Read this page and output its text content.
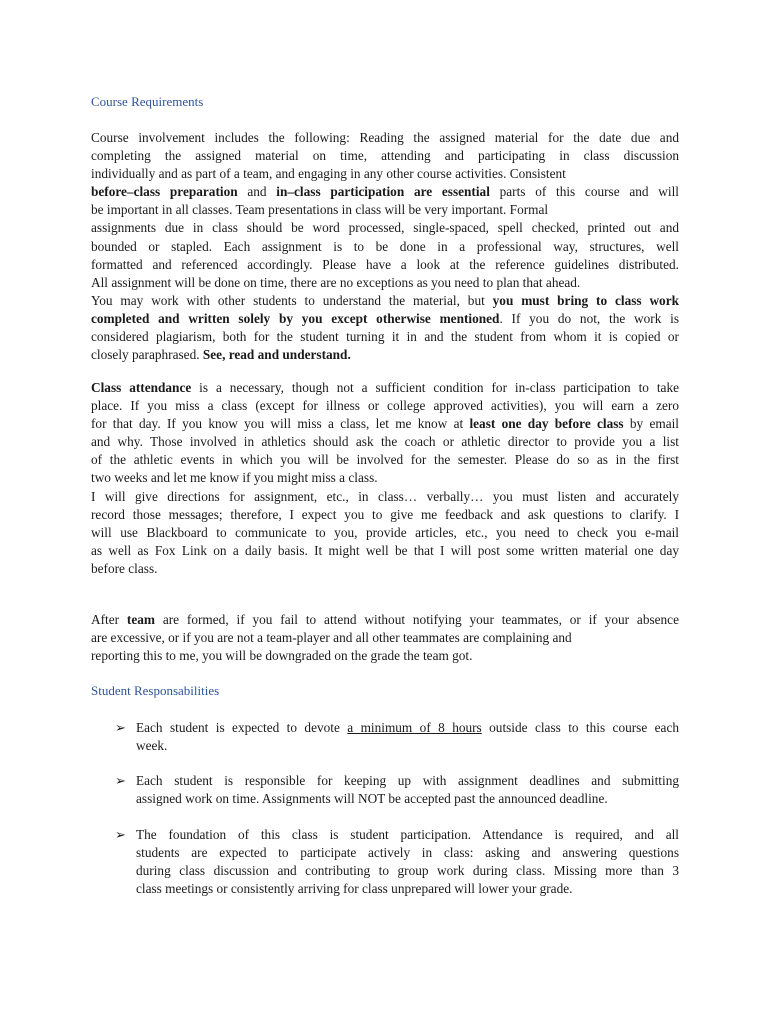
Course Requirements
Course involvement includes the following: Reading the assigned material for the date due and
completing the assigned material on time, attending and participating in class discussion
individually and as part of a team, and engaging in any other course activities. Consistent
before–class preparation and in–class participation are essential parts of this course and will
be important in all classes. Team presentations in class will be very important. Formal
assignments due in class should be word processed, single-spaced, spell checked, printed out and
bounded or stapled. Each assignment is to be done in a professional way, structures, well
formatted and referenced accordingly. Please have a look at the reference guidelines distributed.
All assignment will be done on time, there are no exceptions as you need to plan that ahead.
You may work with other students to understand the material, but you must bring to class work
completed and written solely by you except otherwise mentioned. If you do not, the work is
considered plagiarism, both for the student turning it in and the student from whom it is copied or
closely paraphrased. See, read and understand.
Class attendance is a necessary, though not a sufficient condition for in-class participation to take
place. If you miss a class (except for illness or college approved activities), you will earn a zero
for that day. If you know you will miss a class, let me know at least one day before class by email
and why. Those involved in athletics should ask the coach or athletic director to provide you a list
of the athletic events in which you will be involved for the semester. Please do so as in the first
two weeks and let me know if you might miss a class.
I will give directions for assignment, etc., in class… verbally… you must listen and accurately
record those messages; therefore, I expect you to give me feedback and ask questions to clarify. I
will use Blackboard to communicate to you, provide articles, etc., you need to check you e-mail
as well as Fox Link on a daily basis. It might well be that I will post some written material one day
before class.
After team are formed, if you fail to attend without notifying your teammates, or if your absence
are excessive, or if you are not a team-player and all other teammates are complaining and
reporting this to me, you will be downgraded on the grade the team got.
Student Responsabilities
➢ Each student is expected to devote a minimum of 8 hours outside class to this course each
week.
➢ Each student is responsible for keeping up with assignment deadlines and submitting
assigned work on time. Assignments will NOT be accepted past the announced deadline.
➢ The foundation of this class is student participation. Attendance is required, and all
students are expected to participate actively in class: asking and answering questions
during class discussion and contributing to group work during class. Missing more than 3
class meetings or consistently arriving for class unprepared will lower your grade.
